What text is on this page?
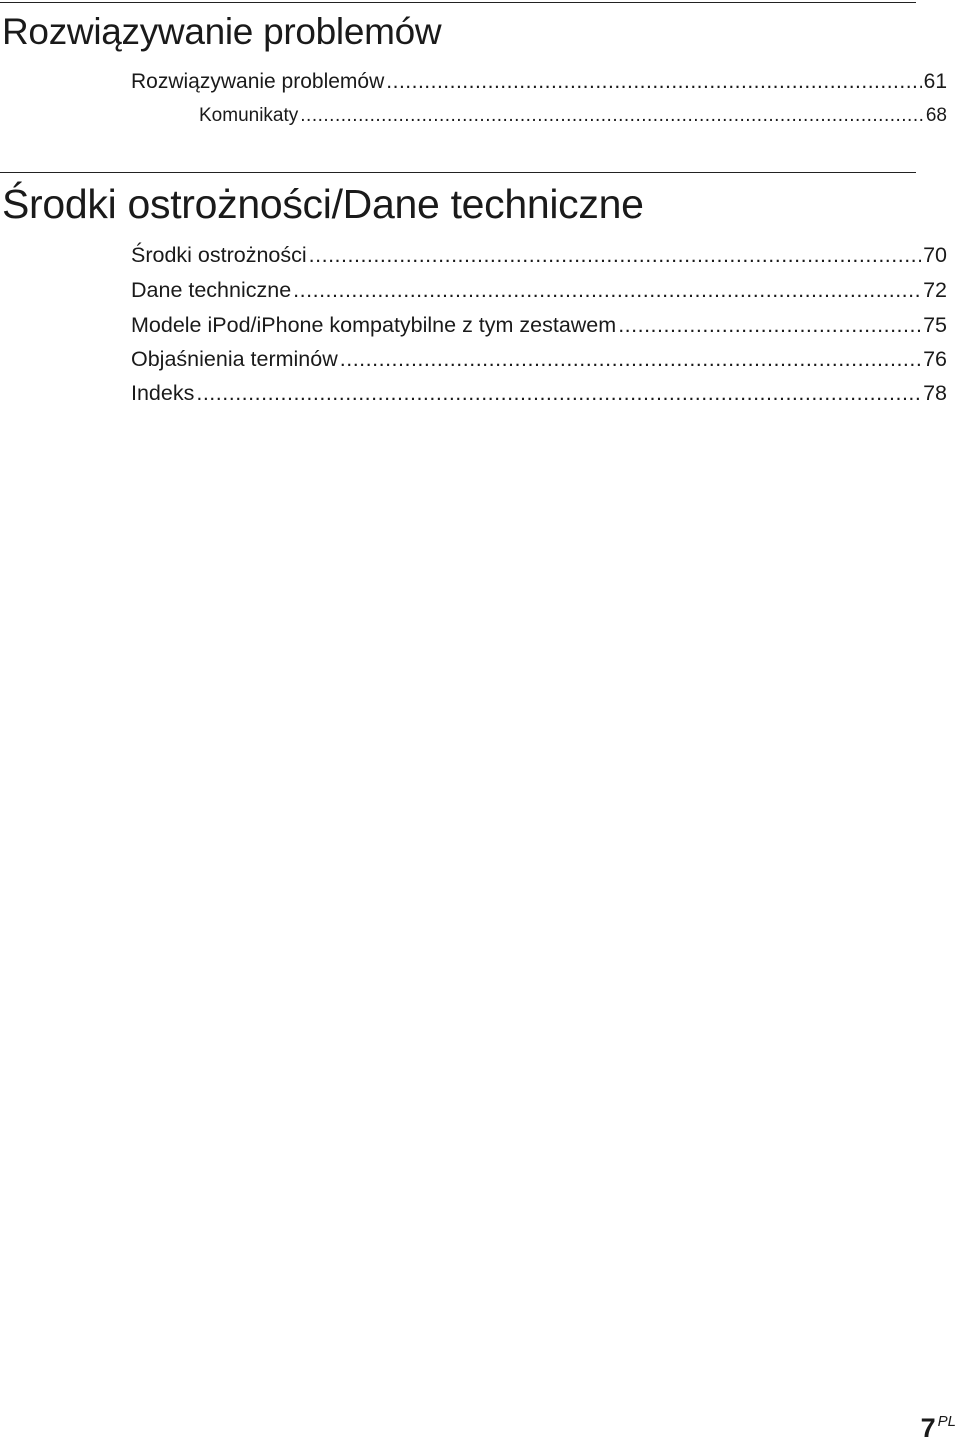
Rozwiązywanie problemów
Rozwiązywanie problemów .....	61
Komunikaty .....	68
Środki ostrożności/Dane techniczne
Środki ostrożności .....	70
Dane techniczne .....	72
Modele iPod/iPhone kompatybilne z tym zestawem .....	75
Objaśnienia terminów .....	76
Indeks .....	78
7 PL
